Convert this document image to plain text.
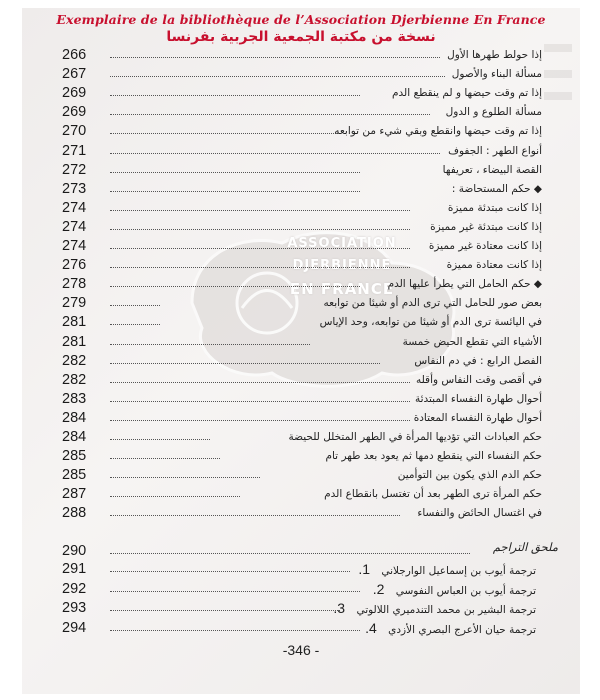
Exemplaire de la bibliothèque de l’Association Djerbienne En France
نسخة من مكتبة الجمعية الجربية بفرنسا
ASSOCIATION
DJERBIENNE
EN FRANCE
266	إذا حولط طهرها الأول
267	مسألة البناء والأصول
269	إذا تم وقت حيضها و لم ينقطع الدم
269	مسألة الطلوع و الدول
270	إذا تم وقت حيضها وانقطع وبقي شيء من توابعه
271	أنواع الطهر : الجفوف
272	القصة البيضاء ، تعريفها
273	◆ حكم المستحاضة :
274	إذا كانت مبتدئة مميزة
274	إذا كانت مبتدئة غير مميزة
274	إذا كانت معتادة غير مميزة
276	إذا كانت معتادة مميزة
278	◆ حكم الحامل التي يطرأ عليها الدم
279	بعض صور للحامل التي ترى الدم أو شيئا من توابعه
281	في اليائسة ترى الدم أو شيئا من توابعه، وحد الإياس
281	الأشياء التي تقطع الحيض خمسة
282	الفصل الرابع : في دم النفاس
282	في أقصى وقت النفاس وأقله
283	أحوال طهارة النفساء المبتدئة
284	أحوال طهارة النفساء المعتادة
284	حكم العبادات التي تؤديها المرأة في الطهر المتخلل للحيضة
285	حكم النفساء التي ينقطع دمها ثم يعود بعد طهر تام
285	حكم الدم الذي يكون بين التوأمين
287	حكم المرأة ترى الطهر بعد أن تغتسل بانقطاع الدم
288	في اغتسال الحائض والنفساء
290	ملحق التراجم
291	ترجمة أيوب بن إسماعيل الوارجلاني 1.
292	ترجمة أيوب بن العباس النفوسي 2.
293	ترجمة البشير بن محمد التندميري اللالوتي 3.
294	ترجمة حيان الأعرج البصري الأزدي 4.
-346 -
